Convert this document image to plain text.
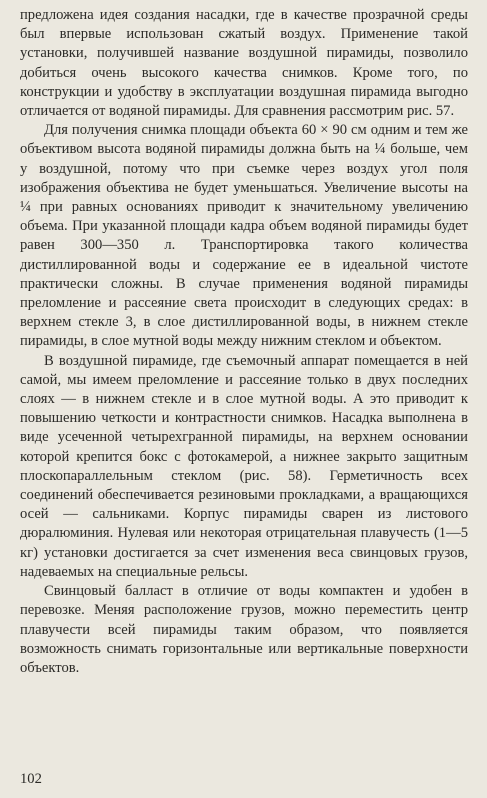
предложена идея создания насадки, где в качестве прозрачной среды был впервые использован сжатый воздух. Применение такой установки, получившей название воздушной пирамиды, позволило добиться очень высокого качества снимков. Кроме того, по конструкции и удобству в эксплуатации воздушная пирамида выгодно отличается от водяной пирамиды. Для сравнения рассмотрим рис. 57.

Для получения снимка площади объекта 60 × 90 см одним и тем же объективом высота водяной пирамиды должна быть на ¼ больше, чем у воздушной, потому что при съемке через воздух угол поля изображения объектива не будет уменьшаться. Увеличение высоты на ¼ при равных основаниях приводит к значительному увеличению объема. При указанной площади кадра объем водяной пирамиды будет равен 300—350 л. Транспортировка такого количества дистиллированной воды и содержание ее в идеальной чистоте практически сложны. В случае применения водяной пирамиды преломление и рассеяние света происходит в следующих средах: в верхнем стекле 3, в слое дистиллированной воды, в нижнем стекле пирамиды, в слое мутной воды между нижним стеклом и объектом.

В воздушной пирамиде, где съемочный аппарат помещается в ней самой, мы имеем преломление и рассеяние только в двух последних слоях — в нижнем стекле и в слое мутной воды. А это приводит к повышению четкости и контрастности снимков. Насадка выполнена в виде усеченной четырехгранной пирамиды, на верхнем основании которой крепится бокс с фотокамерой, а нижнее закрыто защитным плоскопараллельным стеклом (рис. 58). Герметичность всех соединений обеспечивается резиновыми прокладками, а вращающихся осей — сальниками. Корпус пирамиды сварен из листового дюралюминия. Нулевая или некоторая отрицательная плавучесть (1—5 кг) установки достигается за счет изменения веса свинцовых грузов, надеваемых на специальные рельсы.

Свинцовый балласт в отличие от воды компактен и удобен в перевозке. Меняя расположение грузов, можно переместить центр плавучести всей пирамиды таким образом, что появляется возможность снимать горизонтальные или вертикальные поверхности объектов.

102
